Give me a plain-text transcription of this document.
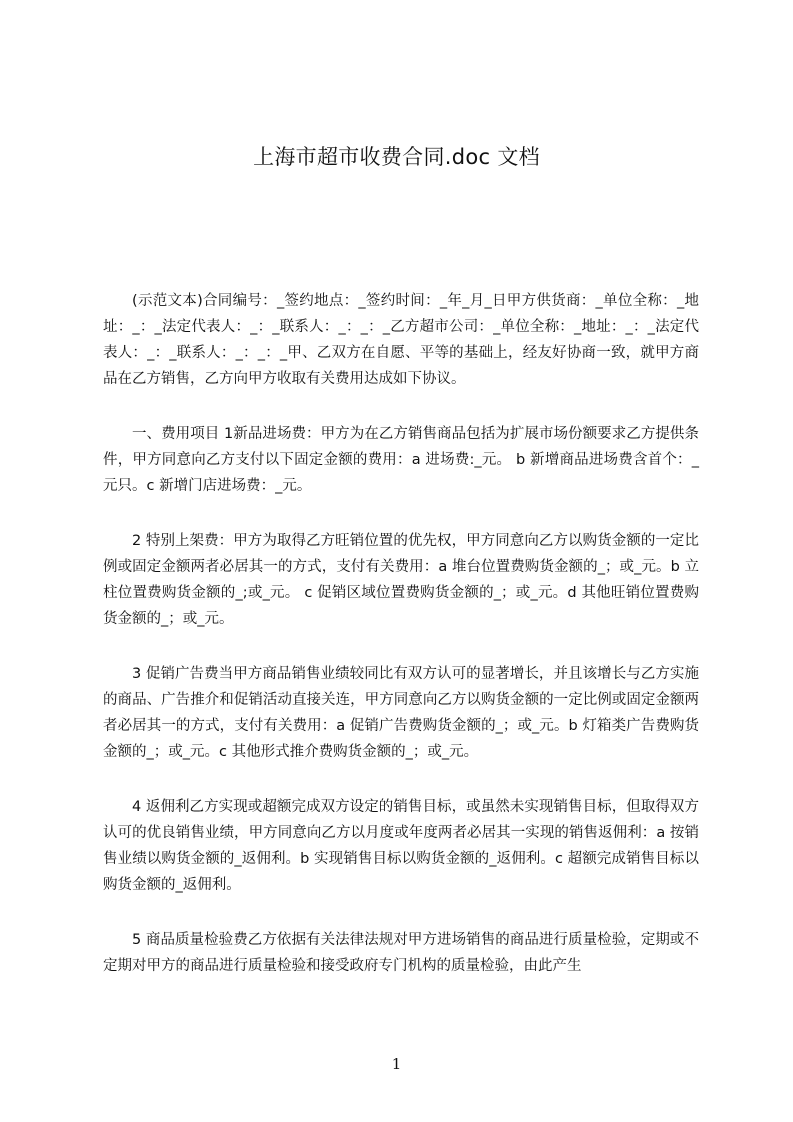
上海市超市收费合同.doc 文档

(示范文本)合同编号：_签约地点：_签约时间：_年_月_日甲方供货商：_单位全称：_地址：_：_法定代表人：_：_联系人：_：_：_乙方超市公司：_单位全称：_地址：_：_法定代表人：_：_联系人：_：_：_甲、乙双方在自愿、平等的基础上，经友好协商一致，就甲方商品在乙方销售，乙方向甲方收取有关费用达成如下协议。

一、费用项目 1新品进场费：甲方为在乙方销售商品包括为扩展市场份额要求乙方提供条件，甲方同意向乙方支付以下固定金额的费用：a 进场费:_元。 b 新增商品进场费含首个：_元只。c 新增门店进场费：_元。

2 特别上架费：甲方为取得乙方旺销位置的优先权，甲方同意向乙方以购货金额的一定比例或固定金额两者必居其一的方式，支付有关费用：a 堆台位置费购货金额的_；或_元。b 立柱位置费购货金额的_;或_元。 c 促销区域位置费购货金额的_；或_元。d 其他旺销位置费购货金额的_；或_元。

3 促销广告费当甲方商品销售业绩较同比有双方认可的显著增长，并且该增长与乙方实施的商品、广告推介和促销活动直接关连，甲方同意向乙方以购货金额的一定比例或固定金额两者必居其一的方式，支付有关费用：a 促销广告费购货金额的_；或_元。b 灯箱类广告费购货金额的_；或_元。c 其他形式推介费购货金额的_；或_元。

4 返佣利乙方实现或超额完成双方设定的销售目标，或虽然未实现销售目标，但取得双方认可的优良销售业绩，甲方同意向乙方以月度或年度两者必居其一实现的销售返佣利：a 按销售业绩以购货金额的_返佣利。b 实现销售目标以购货金额的_返佣利。c 超额完成销售目标以购货金额的_返佣利。

5 商品质量检验费乙方依据有关法律法规对甲方进场销售的商品进行质量检验，定期或不定期对甲方的商品进行质量检验和接受政府专门机构的质量检验，由此产生

1
